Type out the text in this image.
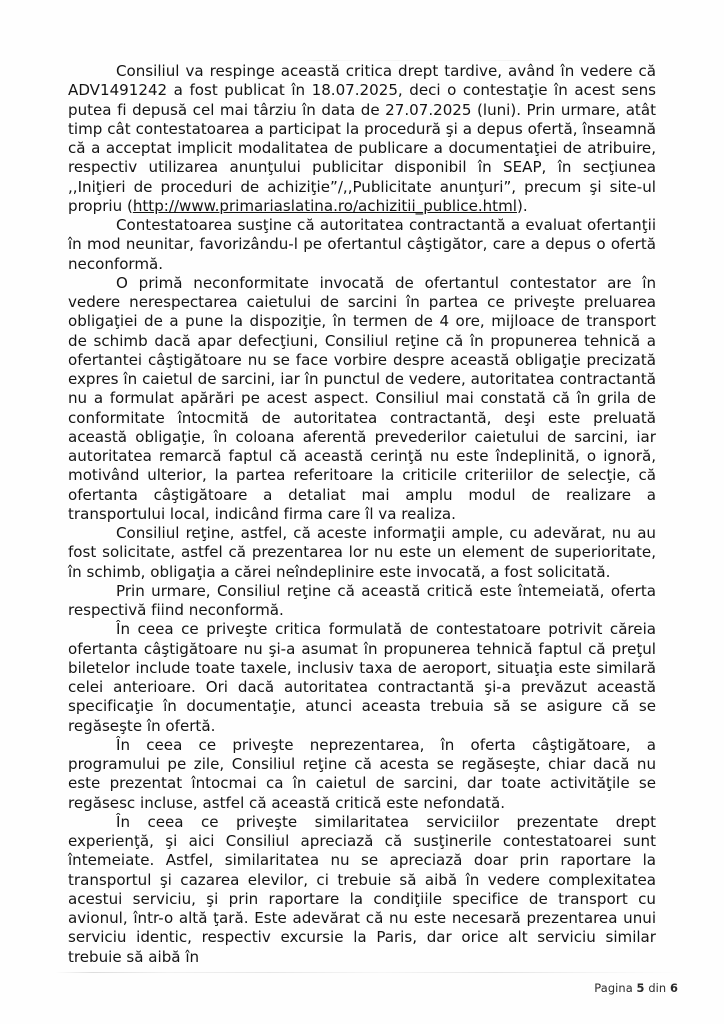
Consiliul va respinge această critica drept tardive, având în vedere că ADV1491242 a fost publicat în 18.07.2025, deci o contestaţie în acest sens putea fi depusă cel mai târziu în data de 27.07.2025 (luni). Prin urmare, atât timp cât contestatoarea a participat la procedură şi a depus ofertă, înseamnă că a acceptat implicit modalitatea de publicare a documentaţiei de atribuire, respectiv utilizarea anunţului publicitar disponibil în SEAP, în secţiunea ,,Iniţieri de proceduri de achiziţie”/,,Publicitate anunţuri”, precum şi site-ul propriu (http://www.primariaslatina.ro/achizitii_publice.html).

Contestatoarea susţine că autoritatea contractantă a evaluat ofertanţii în mod neunitar, favorizându-l pe ofertantul câştigător, care a depus o ofertă neconformă.

O primă neconformitate invocată de ofertantul contestator are în vedere nerespectarea caietului de sarcini în partea ce priveşte preluarea obligaţiei de a pune la dispoziţie, în termen de 4 ore, mijloace de transport de schimb dacă apar defecţiuni, Consiliul reţine că în propunerea tehnică a ofertantei câştigătoare nu se face vorbire despre această obligaţie precizată expres în caietul de sarcini, iar în punctul de vedere, autoritatea contractantă nu a formulat apărări pe acest aspect. Consiliul mai constată că în grila de conformitate întocmită de autoritatea contractantă, deşi este preluată această obligaţie, în coloana aferentă prevederilor caietului de sarcini, iar autoritatea remarcă faptul că această cerinţă nu este îndeplinită, o ignoră, motivând ulterior, la partea referitoare la criticile criteriilor de selecţie, că ofertanta câştigătoare a detaliat mai amplu modul de realizare a transportului local, indicând firma care îl va realiza.

Consiliul reţine, astfel, că aceste informaţii ample, cu adevărat, nu au fost solicitate, astfel că prezentarea lor nu este un element de superioritate, în schimb, obligaţia a cărei neîndeplinire este invocată, a fost solicitată.

Prin urmare, Consiliul reţine că această critică este întemeiată, oferta respectivă fiind neconformă.

În ceea ce priveşte critica formulată de contestatoare potrivit căreia ofertanta câştigătoare nu şi-a asumat în propunerea tehnică faptul că preţul biletelor include toate taxele, inclusiv taxa de aeroport, situaţia este similară celei anterioare. Ori dacă autoritatea contractantă şi-a prevăzut această specificaţie în documentaţie, atunci aceasta trebuia să se asigure că se regăseşte în ofertă.

În ceea ce priveşte neprezentarea, în oferta câştigătoare, a programului pe zile, Consiliul reţine că acesta se regăseşte, chiar dacă nu este prezentat întocmai ca în caietul de sarcini, dar toate activităţile se regăsesc incluse, astfel că această critică este nefondată.

În ceea ce priveşte similaritatea serviciilor prezentate drept experienţă, şi aici Consiliul apreciază că susţinerile contestatoarei sunt întemeiate. Astfel, similaritatea nu se apreciază doar prin raportare la transportul şi cazarea elevilor, ci trebuie să aibă în vedere complexitatea acestui serviciu, şi prin raportare la condiţiile specifice de transport cu avionul, într-o altă ţară. Este adevărat că nu este necesară prezentarea unui serviciu identic, respectiv excursie la Paris, dar orice alt serviciu similar trebuie să aibă în

Pagina 5 din 6
